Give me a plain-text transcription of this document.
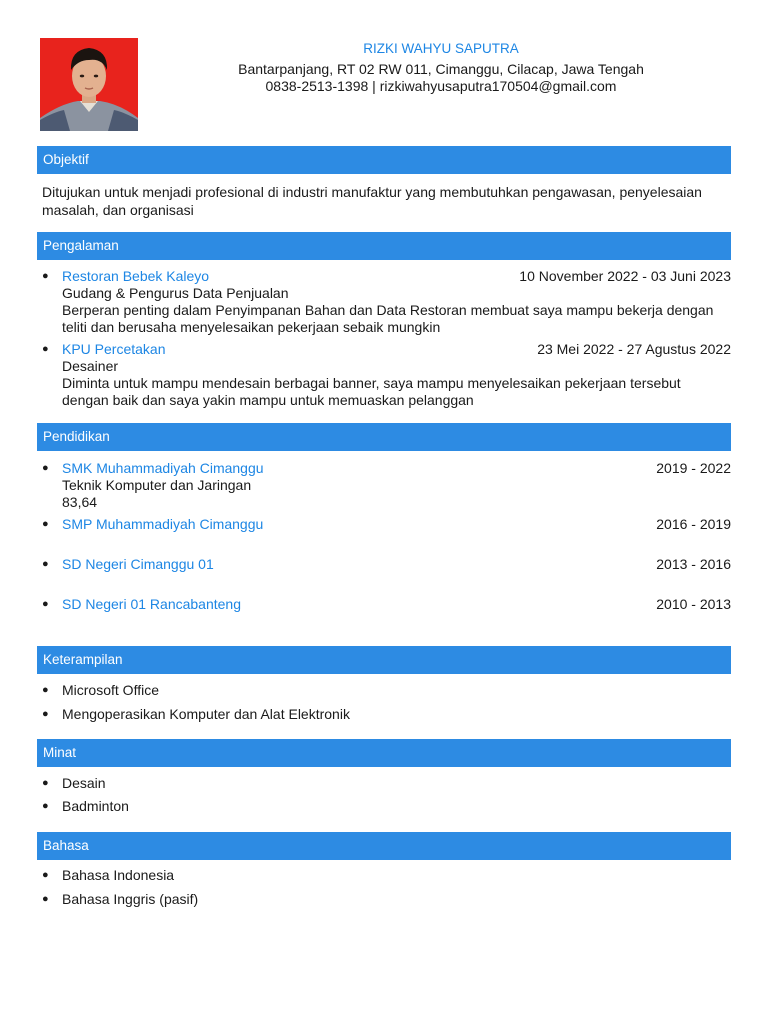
RIZKI WAHYU SAPUTRA
Bantarpanjang, RT 02 RW 011, Cimanggu, Cilacap, Jawa Tengah
0838-2513-1398 | rizkiwahyusaputra170504@gmail.com
Objektif
Ditujukan untuk menjadi profesional di industri manufaktur yang membutuhkan pengawasan, penyelesaian masalah, dan organisasi
Pengalaman
● Restoran Bebek Kaleyo	10 November 2022 - 03 Juni 2023
Gudang & Pengurus Data Penjualan
Berperan penting dalam Penyimpanan Bahan dan Data Restoran membuat saya mampu bekerja dengan
teliti dan berusaha menyelesaikan pekerjaan sebaik mungkin
● KPU Percetakan	23 Mei 2022 - 27 Agustus 2022
Desainer
Diminta untuk mampu mendesain berbagai banner, saya mampu menyelesaikan pekerjaan tersebut
dengan baik dan saya yakin mampu untuk memuaskan pelanggan
Pendidikan
● SMK Muhammadiyah Cimanggu	2019 - 2022
Teknik Komputer dan Jaringan
83,64
● SMP Muhammadiyah Cimanggu	2016 - 2019
● SD Negeri Cimanggu 01	2013 - 2016
● SD Negeri 01 Rancabanteng	2010 - 2013
Keterampilan
● Microsoft Office
● Mengoperasikan Komputer dan Alat Elektronik
Minat
● Desain
● Badminton
Bahasa
● Bahasa Indonesia
● Bahasa Inggris (pasif)
